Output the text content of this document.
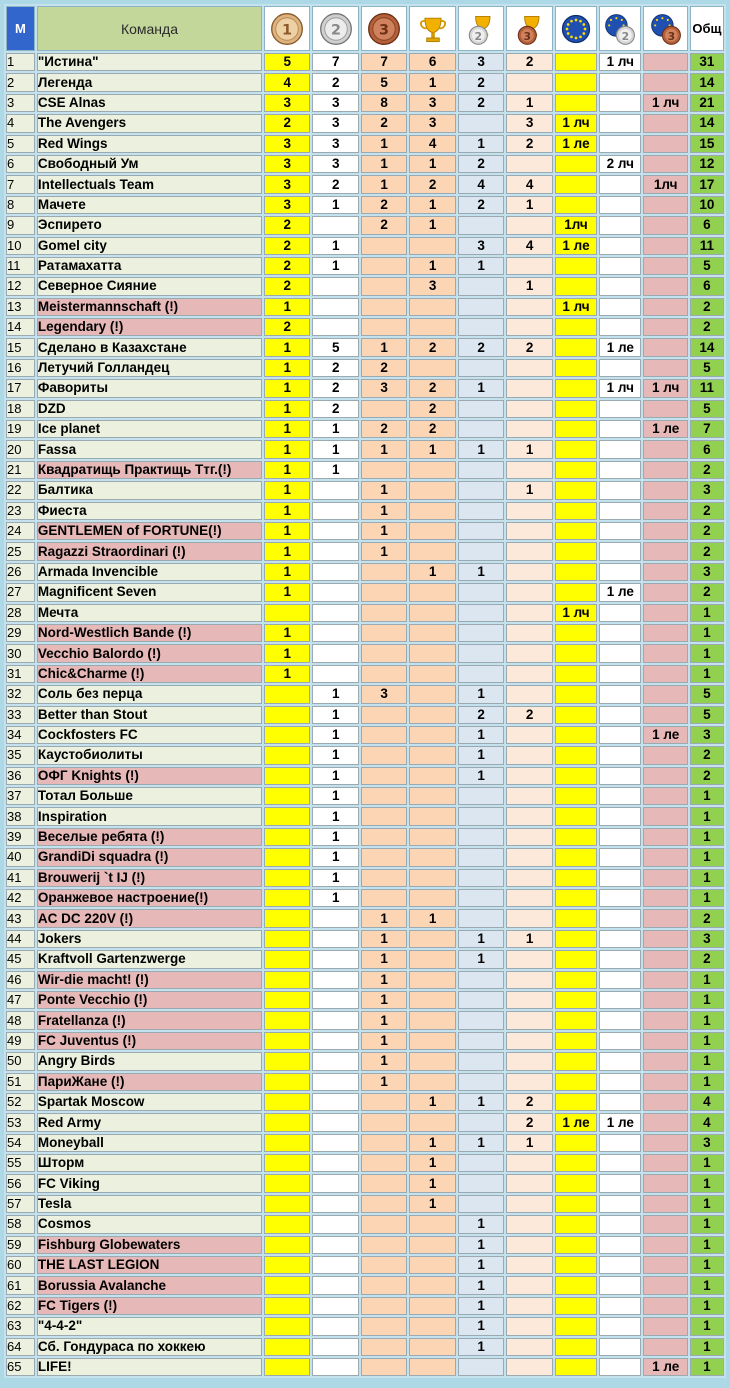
М	Команда	1	2	3		2	3		2	3	Общ
1	"Истина"	5	7	7	6	3	2		1 лч		31
2	Легенда	4	2	5	1	2					14
3	CSE Alnas	3	3	8	3	2	1			1 лч	21
4	The Avengers	2	3	2	3		3	1 лч			14
5	Red Wings	3	3	1	4	1	2	1 ле			15
6	Свободный Ум	3	3	1	1	2			2 лч		12
7	Intellectuals Team	3	2	1	2	4	4			1лч	17
8	Мачете	3	1	2	1	2	1				10
9	Эспирето	2		2	1			1лч			6
10	Gomel city	2	1			3	4	1 ле			11
11	Ратамахатта	2	1		1	1					5
12	Северное Сияние	2			3		1				6
13	Meistermannschaft (!)	1						1 лч			2
14	Legendary (!)	2									2
15	Сделано в Казахстане	1	5	1	2	2	2		1 ле		14
16	Летучий Голландец	1	2	2							5
17	Фавориты	1	2	3	2	1			1 лч	1 лч	11
18	DZD	1	2		2						5
19	Ice planet	1	1	2	2					1 ле	7
20	Fassa	1	1	1	1	1	1				6
21	Квадратищь Практищь Ттг.(!)	1	1								2
22	Балтика	1		1			1				3
23	Фиеста	1		1							2
24	GENTLEMEN of FORTUNE(!)	1		1							2
25	Ragazzi Straordinari (!)	1		1							2
26	Armada Invencible	1			1	1					3
27	Magnificent Seven	1							1 ле		2
28	Мечта							1 лч			1
29	Nord-Westlich Bande (!)	1									1
30	Vecchio Balordo (!)	1									1
31	Chic&Charme (!)	1									1
32	Соль без перца		1	3		1					5
33	Better than Stout		1			2	2				5
34	Cockfosters FC		1			1				1 ле	3
35	Каустобиолиты		1			1					2
36	ОФГ Knights (!)		1			1					2
37	Тотал Больше		1								1
38	Inspiration		1								1
39	Веселые ребята (!)		1								1
40	GrandiDi squadra (!)		1								1
41	Brouwerij `t IJ (!)		1								1
42	Оранжевое настроение(!)		1								1
43	AC DC 220V (!)			1	1						2
44	Jokers			1		1	1				3
45	Kraftvoll Gartenzwerge			1		1					2
46	Wir-die macht! (!)			1							1
47	Ponte Vecchio (!)			1							1
48	Fratellanza (!)			1							1
49	FC Juventus (!)			1							1
50	Angry Birds			1							1
51	ПариЖане (!)			1							1
52	Spartak Moscow				1	1	2				4
53	Red Army						2	1 ле	1 ле		4
54	Moneyball				1	1	1				3
55	Шторм				1						1
56	FC Viking				1						1
57	Tesla				1						1
58	Cosmos					1					1
59	Fishburg Globewaters					1					1
60	THE LAST LEGION					1					1
61	Borussia Avalanche					1					1
62	FC Tigers (!)					1					1
63	"4-4-2"					1					1
64	Сб. Гондураса по хоккею					1					1
65	LIFE!									1 ле	1
